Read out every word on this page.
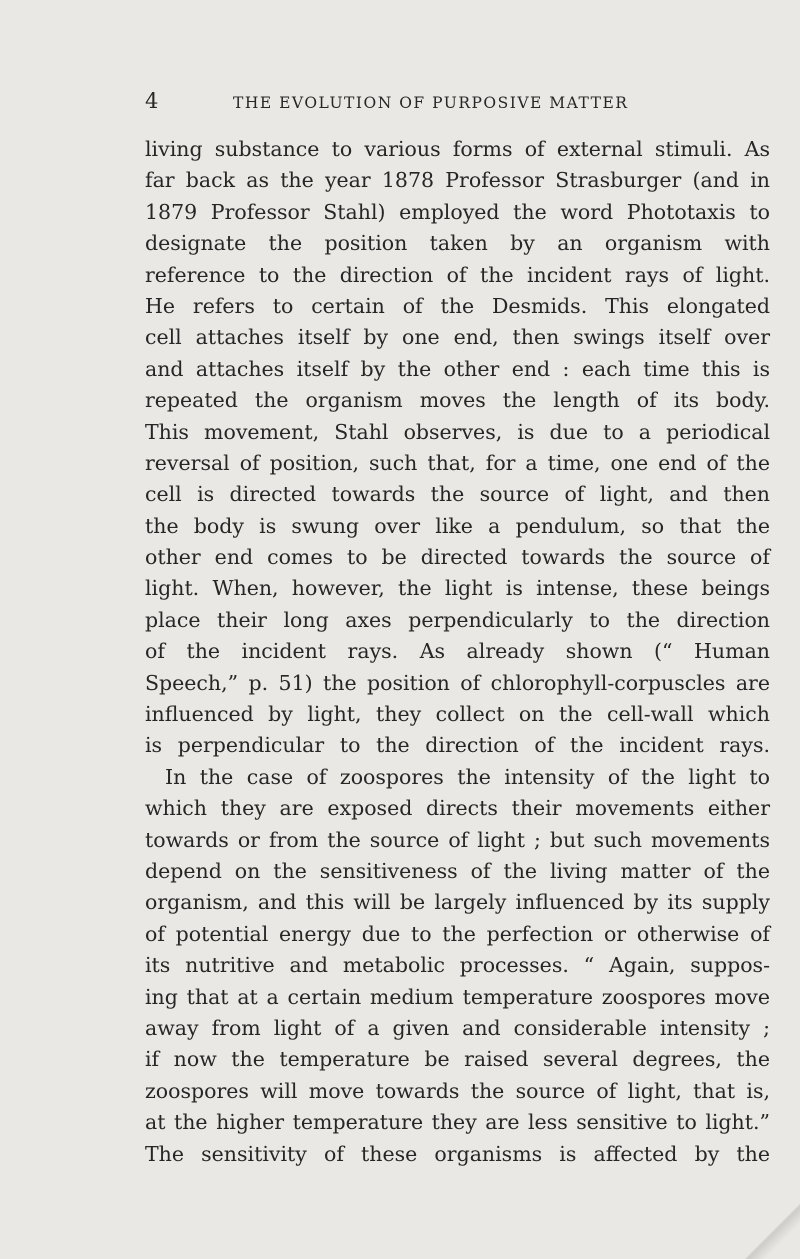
4	THE EVOLUTION OF PURPOSIVE MATTER
living substance to various forms of external stimuli. As
far back as the year 1878 Professor Strasburger (and in
1879 Professor Stahl) employed the word Phototaxis to
designate the position taken by an organism with
reference to the direction of the incident rays of light.
He refers to certain of the Desmids. This elongated
cell attaches itself by one end, then swings itself over
and attaches itself by the other end : each time this is
repeated the organism moves the length of its body.
This movement, Stahl observes, is due to a periodical
reversal of position, such that, for a time, one end of the
cell is directed towards the source of light, and then
the body is swung over like a pendulum, so that the
other end comes to be directed towards the source of
light. When, however, the light is intense, these beings
place their long axes perpendicularly to the direction
of the incident rays. As already shown (“ Human
Speech,” p. 51) the position of chlorophyll-corpuscles are
influenced by light, they collect on the cell-wall which
is perpendicular to the direction of the incident rays.
In the case of zoospores the intensity of the light to
which they are exposed directs their movements either
towards or from the source of light ; but such movements
depend on the sensitiveness of the living matter of the
organism, and this will be largely influenced by its supply
of potential energy due to the perfection or otherwise of
its nutritive and metabolic processes. “ Again, suppos-
ing that at a certain medium temperature zoospores move
away from light of a given and considerable intensity ;
if now the temperature be raised several degrees, the
zoospores will move towards the source of light, that is,
at the higher temperature they are less sensitive to light.”
The sensitivity of these organisms is affected by the
